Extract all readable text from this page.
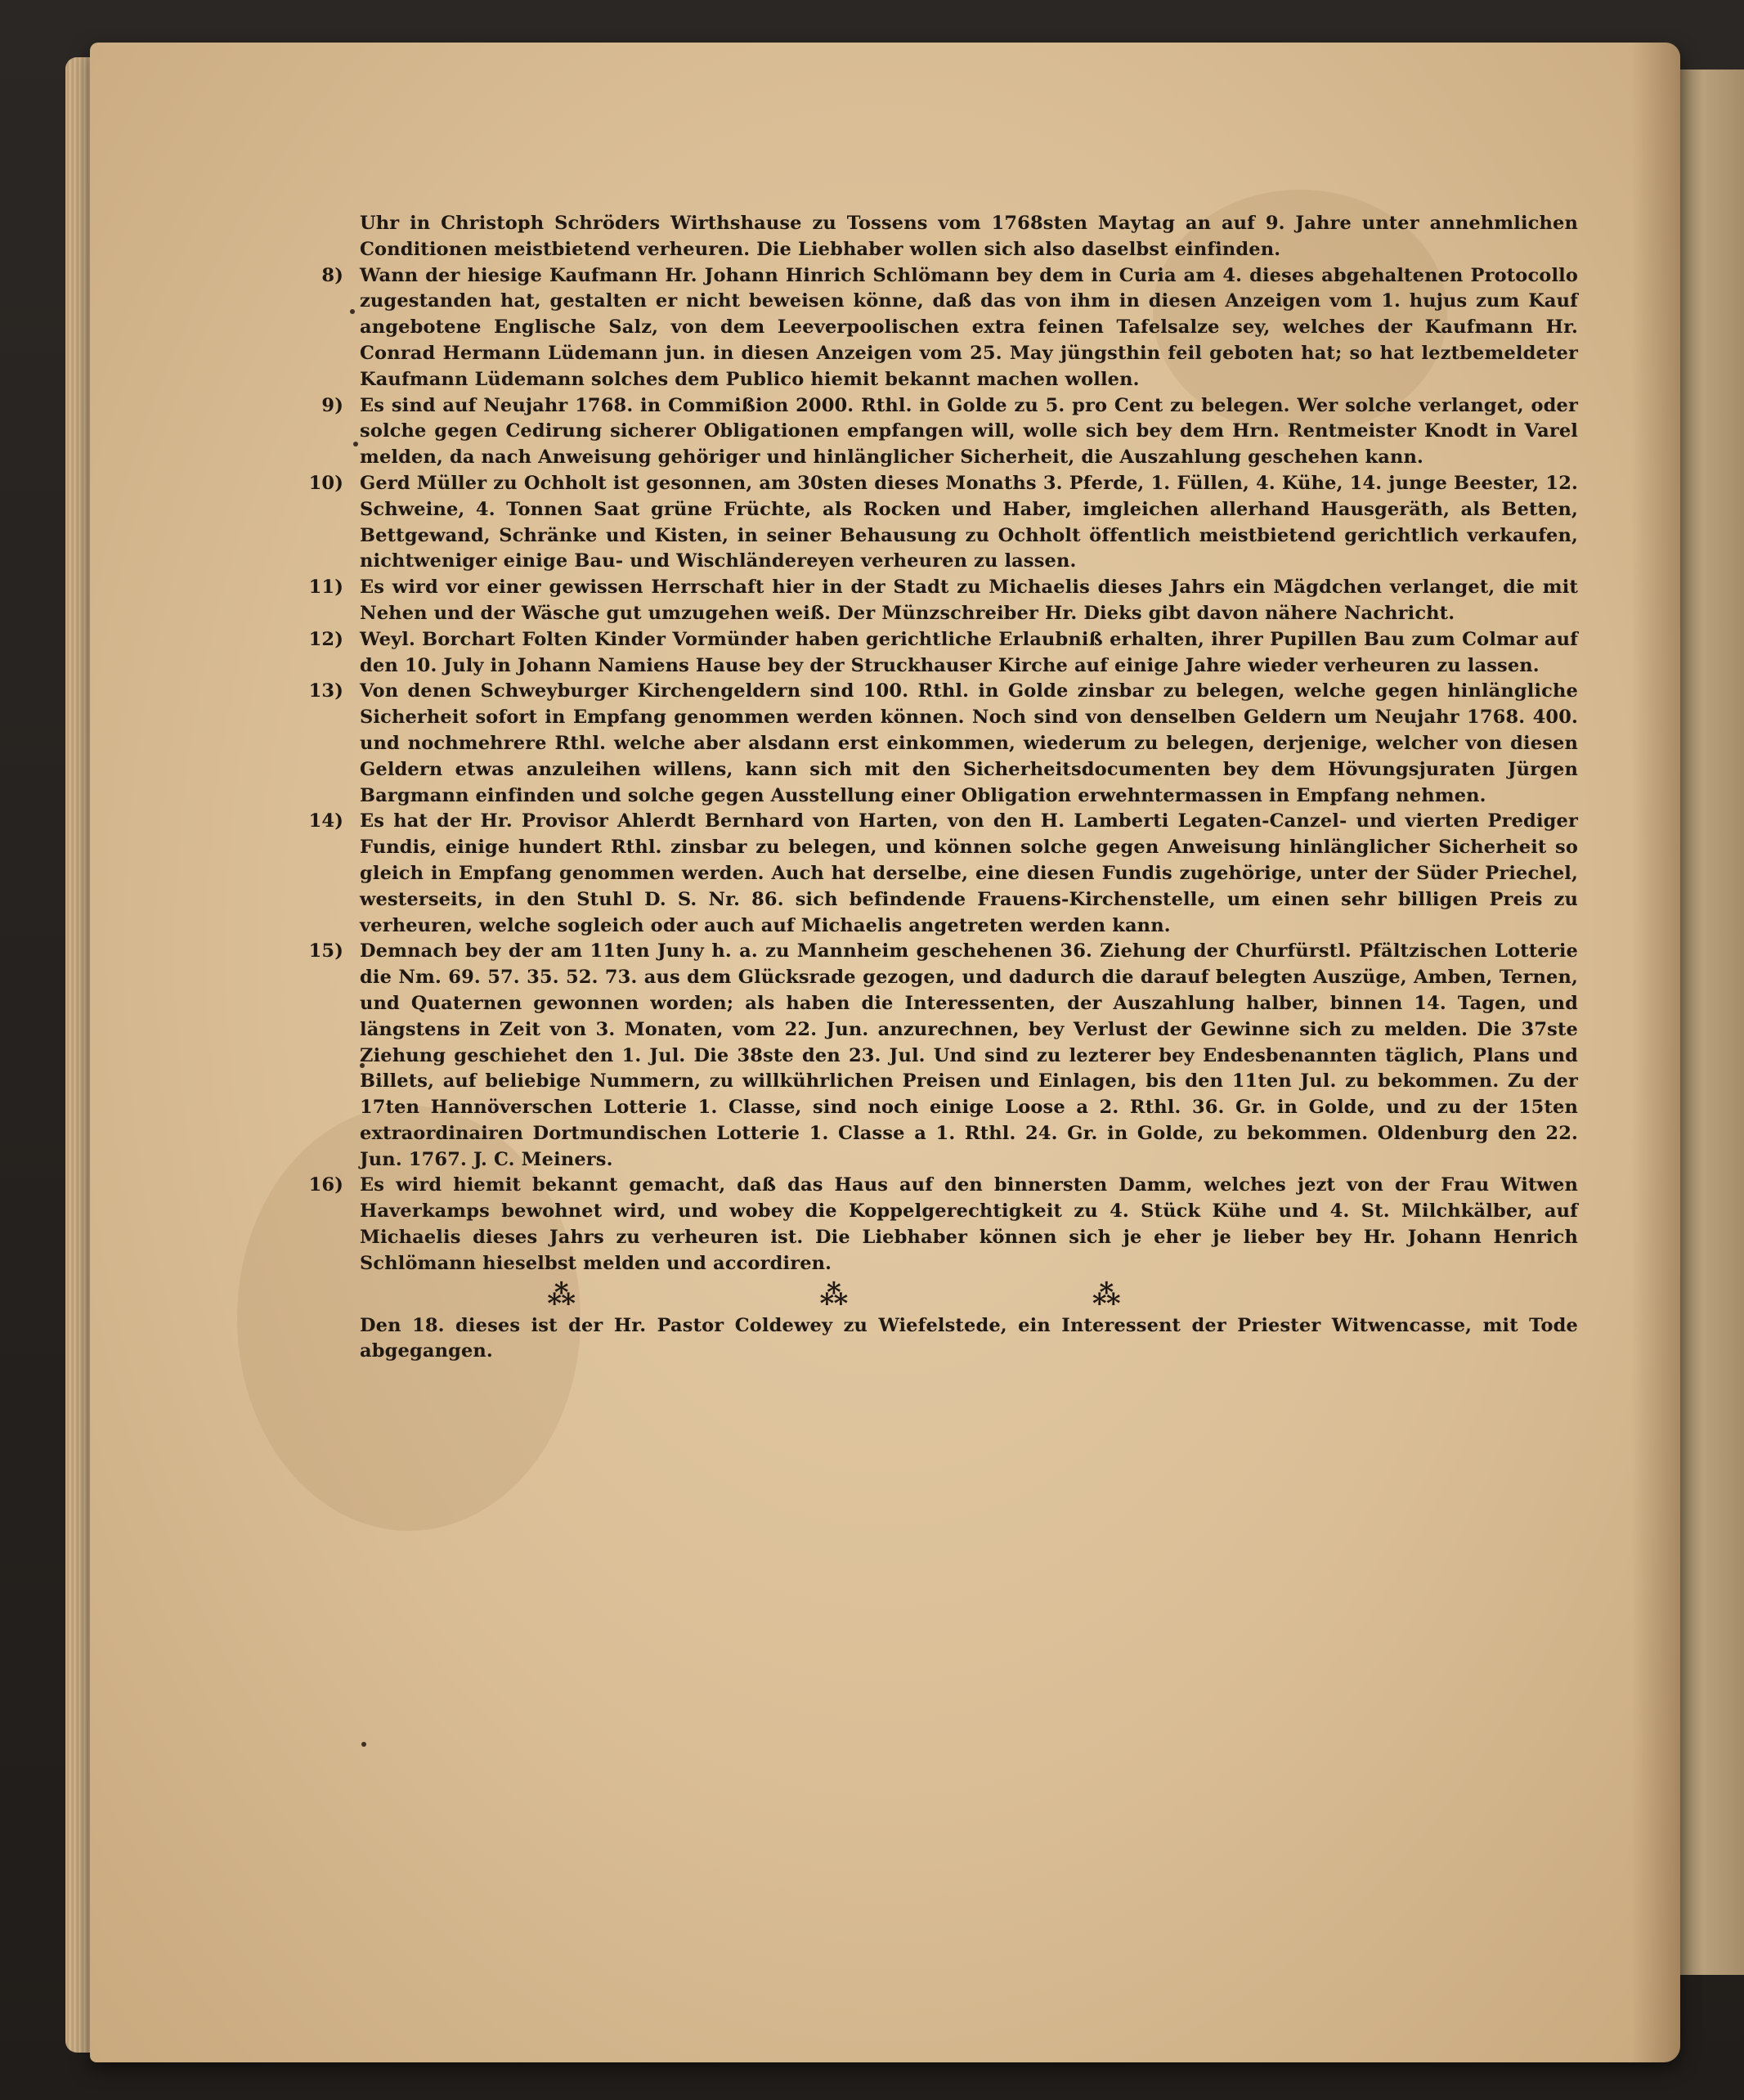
Uhr in Christoph Schröders Wirthshause zu Tossens vom 1768sten Maytag an auf 9. Jahre unter annehmlichen Conditionen meistbietend verheuren. Die Liebhaber wollen sich also daselbst einfinden.
8) Wann der hiesige Kaufmann Hr. Johann Hinrich Schlömann bey dem in Curia am 4. dieses abgehaltenen Protocollo zugestanden hat, gestalten er nicht beweisen könne, daß das von ihm in diesen Anzeigen vom 1. hujus zum Kauf angebotene Englische Salz, von dem Leeverpoolischen extra feinen Tafelsalze sey, welches der Kaufmann Hr. Conrad Hermann Lüdemann jun. in diesen Anzeigen vom 25. May jüngsthin feil geboten hat; so hat leztbemeldeter Kaufmann Lüdemann solches dem Publico hiemit bekannt machen wollen.
9) Es sind auf Neujahr 1768. in Commißion 2000. Rthl. in Golde zu 5. pro Cent zu belegen. Wer solche verlanget, oder solche gegen Cedirung sicherer Obligationen empfangen will, wolle sich bey dem Hrn. Rentmeister Knodt in Varel melden, da nach Anweisung gehöriger und hinlänglicher Sicherheit, die Auszahlung geschehen kann.
10) Gerd Müller zu Ochholt ist gesonnen, am 30sten dieses Monaths 3. Pferde, 1. Füllen, 4. Kühe, 14. junge Beester, 12. Schweine, 4. Tonnen Saat grüne Früchte, als Rocken und Haber, imgleichen allerhand Hausgeräth, als Betten, Bettgewand, Schränke und Kisten, in seiner Behausung zu Ochholt öffentlich meistbietend gerichtlich verkaufen, nichtweniger einige Bau- und Wischländereyen verheuren zu lassen.
11) Es wird vor einer gewissen Herrschaft hier in der Stadt zu Michaelis dieses Jahrs ein Mägdchen verlanget, die mit Nehen und der Wäsche gut umzugehen weiß. Der Münzschreiber Hr. Dieks gibt davon nähere Nachricht.
12) Weyl. Borchart Folten Kinder Vormünder haben gerichtliche Erlaubniß erhalten, ihrer Pupillen Bau zum Colmar auf den 10. July in Johann Namiens Hause bey der Struckhauser Kirche auf einige Jahre wieder verheuren zu lassen.
13) Von denen Schweyburger Kirchengeldern sind 100. Rthl. in Golde zinsbar zu belegen, welche gegen hinlängliche Sicherheit sofort in Empfang genommen werden können. Noch sind von denselben Geldern um Neujahr 1768. 400. und nochmehrere Rthl. welche aber alsdann erst einkommen, wiederum zu belegen, derjenige, welcher von diesen Geldern etwas anzuleihen willens, kann sich mit den Sicherheitsdocumenten bey dem Hövungsjuraten Jürgen Bargmann einfinden und solche gegen Ausstellung einer Obligation erwehntermassen in Empfang nehmen.
14) Es hat der Hr. Provisor Ahlerdt Bernhard von Harten, von den H. Lamberti Legaten-Canzel- und vierten Prediger Fundis, einige hundert Rthl. zinsbar zu belegen, und können solche gegen Anweisung hinlänglicher Sicherheit so gleich in Empfang genommen werden. Auch hat derselbe, eine diesen Fundis zugehörige, unter der Süder Priechel, westerseits, in den Stuhl D. S. Nr. 86. sich befindende Frauens-Kirchenstelle, um einen sehr billigen Preis zu verheuren, welche sogleich oder auch auf Michaelis angetreten werden kann.
15) Demnach bey der am 11ten Juny h. a. zu Mannheim geschehenen 36. Ziehung der Churfürstl. Pfältzischen Lotterie die Nm. 69. 57. 35. 52. 73. aus dem Glücksrade gezogen, und dadurch die darauf belegten Auszüge, Amben, Ternen, und Quaternen gewonnen worden; als haben die Interessenten, der Auszahlung halber, binnen 14. Tagen, und längstens in Zeit von 3. Monaten, vom 22. Jun. anzurechnen, bey Verlust der Gewinne sich zu melden. Die 37ste Ziehung geschiehet den 1. Jul. Die 38ste den 23. Jul. Und sind zu lezterer bey Endesbenannten täglich, Plans und Billets, auf beliebige Nummern, zu willkührlichen Preisen und Einlagen, bis den 11ten Jul. zu bekommen. Zu der 17ten Hannöverschen Lotterie 1. Classe, sind noch einige Loose a 2. Rthl. 36. Gr. in Golde, und zu der 15ten extraordinairen Dortmundischen Lotterie 1. Classe a 1. Rthl. 24. Gr. in Golde, zu bekommen. Oldenburg den 22. Jun. 1767. J. C. Meiners.
16) Es wird hiemit bekannt gemacht, daß das Haus auf den binnersten Damm, welches jezt von der Frau Witwen Haverkamps bewohnet wird, und wobey die Koppelgerechtigkeit zu 4. Stück Kühe und 4. St. Milchkälber, auf Michaelis dieses Jahrs zu verheuren ist. Die Liebhaber können sich je eher je lieber bey Hr. Johann Henrich Schlömann hieselbst melden und accordiren.
⁂	⁂	⁂
Den 18. dieses ist der Hr. Pastor Coldewey zu Wiefelstede, ein Interessent der Priester Witwencasse, mit Tode abgegangen.
